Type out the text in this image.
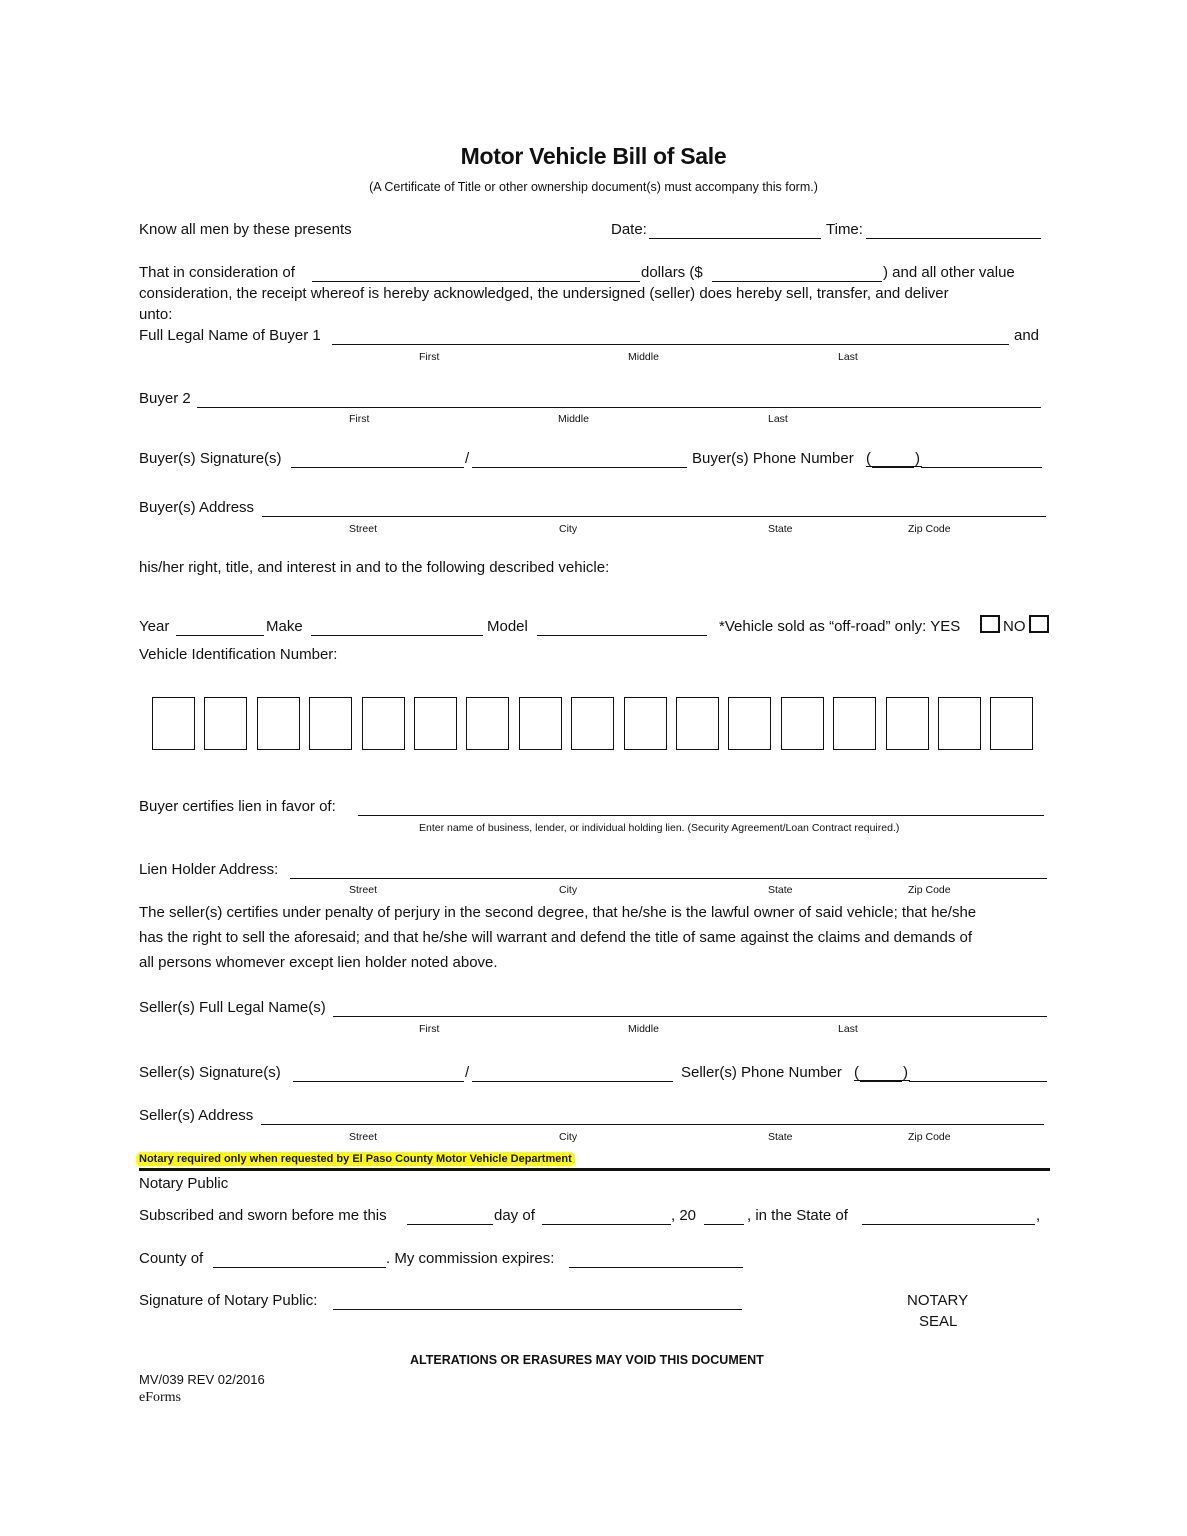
Motor Vehicle Bill of Sale
(A Certificate of Title or other ownership document(s) must accompany this form.)
Know all men by these presents	Date:	Time:
That in consideration of	dollars ($	) and all other value
consideration, the receipt whereof is hereby acknowledged, the undersigned (seller) does hereby sell, transfer, and deliver
unto:
Full Legal Name of Buyer 1	and
First	Middle	Last
Buyer 2
First	Middle	Last
Buyer(s) Signature(s)	/	Buyer(s) Phone Number (	)
Buyer(s) Address
Street	City	State	Zip Code
his/her right, title, and interest in and to the following described vehicle:
Year	Make	Model	*Vehicle sold as “off-road” only: YES	NO
Vehicle Identification Number:
Buyer certifies lien in favor of:
Enter name of business, lender, or individual holding lien. (Security Agreement/Loan Contract required.)
Lien Holder Address:
Street	City	State	Zip Code
The seller(s) certifies under penalty of perjury in the second degree, that he/she is the lawful owner of said vehicle; that he/she
has the right to sell the aforesaid; and that he/she will warrant and defend the title of same against the claims and demands of
all persons whomever except lien holder noted above.
Seller(s) Full Legal Name(s)
First	Middle	Last
Seller(s) Signature(s)	/	Seller(s) Phone Number (	)
Seller(s) Address
Street	City	State	Zip Code
Notary required only when requested by El Paso County Motor Vehicle Department
Notary Public
Subscribed and sworn before me this	day of	, 20	, in the State of	,
County of	. My commission expires:
Signature of Notary Public:	NOTARY
SEAL
ALTERATIONS OR ERASURES MAY VOID THIS DOCUMENT
MV/039 REV 02/2016
eForms
